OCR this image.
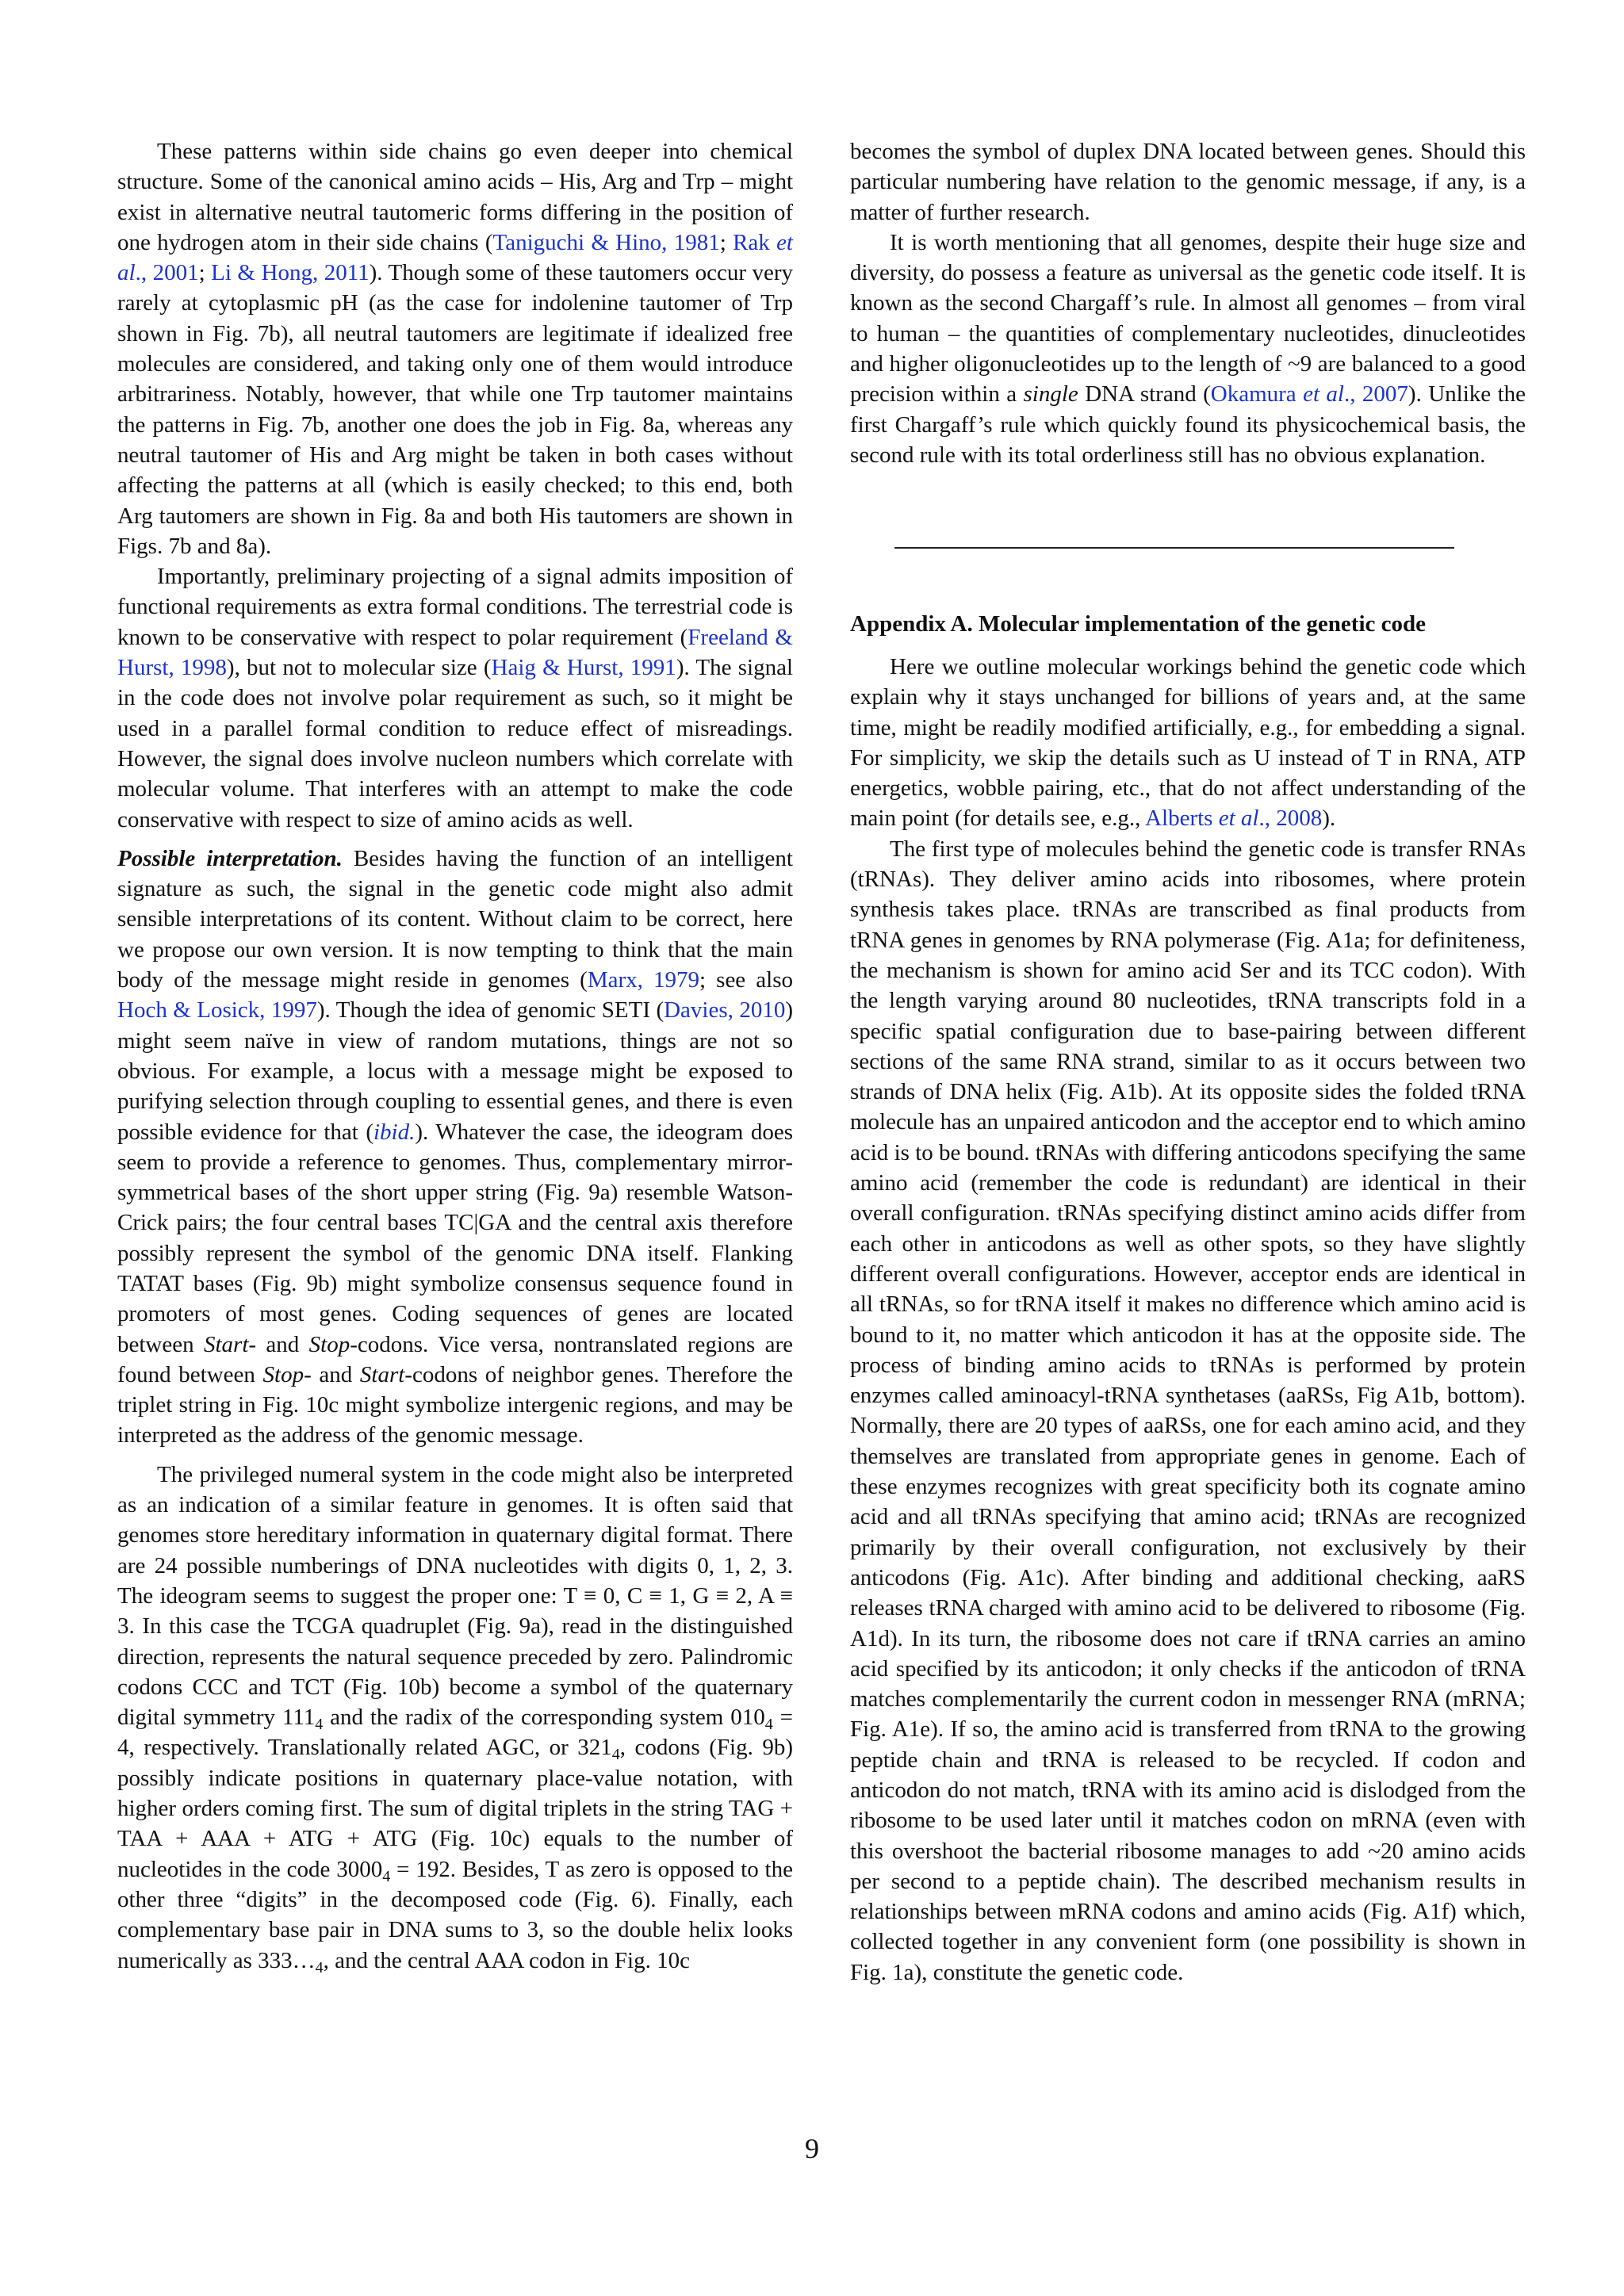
These patterns within side chains go even deeper into chemical structure. Some of the canonical amino acids – His, Arg and Trp – might exist in alternative neutral tautomeric forms differing in the position of one hydrogen atom in their side chains (Taniguchi & Hino, 1981; Rak et al., 2001; Li & Hong, 2011). Though some of these tautomers occur very rarely at cytoplasmic pH (as the case for indolenine tautomer of Trp shown in Fig. 7b), all neutral tautomers are legitimate if idealized free molecules are considered, and taking only one of them would introduce arbitrariness. Notably, however, that while one Trp tautomer maintains the patterns in Fig. 7b, another one does the job in Fig. 8a, whereas any neutral tautomer of His and Arg might be taken in both cases without affecting the patterns at all (which is easily checked; to this end, both Arg tautomers are shown in Fig. 8a and both His tautomers are shown in Figs. 7b and 8a).

Importantly, preliminary projecting of a signal admits imposition of functional requirements as extra formal conditions. The terrestrial code is known to be conservative with respect to polar requirement (Freeland & Hurst, 1998), but not to molecular size (Haig & Hurst, 1991). The signal in the code does not involve polar requirement as such, so it might be used in a parallel formal condition to reduce effect of misreadings. However, the signal does involve nucleon numbers which correlate with molecular volume. That interferes with an attempt to make the code conservative with respect to size of amino acids as well.

Possible interpretation. Besides having the function of an intelligent signature as such, the signal in the genetic code might also admit sensible interpretations of its content. Without claim to be correct, here we propose our own version. It is now tempting to think that the main body of the message might reside in genomes (Marx, 1979; see also Hoch & Losick, 1997). Though the idea of genomic SETI (Davies, 2010) might seem naïve in view of random mutations, things are not so obvious. For example, a locus with a message might be exposed to purifying selection through coupling to essential genes, and there is even possible evidence for that (ibid.). Whatever the case, the ideogram does seem to provide a reference to genomes. Thus, complementary mirror-symmetrical bases of the short upper string (Fig. 9a) resemble Watson-Crick pairs; the four central bases TC|GA and the central axis therefore possibly represent the symbol of the genomic DNA itself. Flanking TATAT bases (Fig. 9b) might symbolize consensus sequence found in promoters of most genes. Coding sequences of genes are located between Start- and Stop-codons. Vice versa, nontranslated regions are found between Stop- and Start-codons of neighbor genes. Therefore the triplet string in Fig. 10c might symbolize intergenic regions, and may be interpreted as the address of the genomic message.

The privileged numeral system in the code might also be interpreted as an indication of a similar feature in genomes. It is often said that genomes store hereditary information in quaternary digital format. There are 24 possible numberings of DNA nucleotides with digits 0, 1, 2, 3. The ideogram seems to suggest the proper one: T ≡ 0, C ≡ 1, G ≡ 2, A ≡ 3. In this case the TCGA quadruplet (Fig. 9a), read in the distinguished direction, represents the natural sequence preceded by zero. Palindromic codons CCC and TCT (Fig. 10b) become a symbol of the quaternary digital symmetry $111_4$ and the radix of the corresponding system $010_4 = 4$, respectively. Translationally related AGC, or $321_4$, codons (Fig. 9b) possibly indicate positions in quaternary place-value notation, with higher orders coming first. The sum of digital triplets in the string TAG + TAA + AAA + ATG + ATG (Fig. 10c) equals to the number of nucleotides in the code $3000_4 = 192$. Besides, T as zero is opposed to the other three “digits” in the decomposed code (Fig. 6). Finally, each complementary base pair in DNA sums to 3, so the double helix looks numerically as $333\dots_4$, and the central AAA codon in Fig. 10c

becomes the symbol of duplex DNA located between genes. Should this particular numbering have relation to the genomic message, if any, is a matter of further research.

It is worth mentioning that all genomes, despite their huge size and diversity, do possess a feature as universal as the genetic code itself. It is known as the second Chargaff’s rule. In almost all genomes – from viral to human – the quantities of complementary nucleotides, dinucleotides and higher oligonucleotides up to the length of ~9 are balanced to a good precision within a single DNA strand (Okamura et al., 2007). Unlike the first Chargaff’s rule which quickly found its physicochemical basis, the second rule with its total orderliness still has no obvious explanation.

Appendix A. Molecular implementation of the genetic code

Here we outline molecular workings behind the genetic code which explain why it stays unchanged for billions of years and, at the same time, might be readily modified artificially, e.g., for embedding a signal. For simplicity, we skip the details such as U instead of T in RNA, ATP energetics, wobble pairing, etc., that do not affect understanding of the main point (for details see, e.g., Alberts et al., 2008).

The first type of molecules behind the genetic code is transfer RNAs (tRNAs). They deliver amino acids into ribosomes, where protein synthesis takes place. tRNAs are transcribed as final products from tRNA genes in genomes by RNA polymerase (Fig. A1a; for definiteness, the mechanism is shown for amino acid Ser and its TCC codon). With the length varying around 80 nucleotides, tRNA transcripts fold in a specific spatial configuration due to base-pairing between different sections of the same RNA strand, similar to as it occurs between two strands of DNA helix (Fig. A1b). At its opposite sides the folded tRNA molecule has an unpaired anticodon and the acceptor end to which amino acid is to be bound. tRNAs with differing anticodons specifying the same amino acid (remember the code is redundant) are identical in their overall configuration. tRNAs specifying distinct amino acids differ from each other in anticodons as well as other spots, so they have slightly different overall configurations. However, acceptor ends are identical in all tRNAs, so for tRNA itself it makes no difference which amino acid is bound to it, no matter which anticodon it has at the opposite side. The process of binding amino acids to tRNAs is performed by protein enzymes called aminoacyl-tRNA synthetases (aaRSs, Fig A1b, bottom). Normally, there are 20 types of aaRSs, one for each amino acid, and they themselves are translated from appropriate genes in genome. Each of these enzymes recognizes with great specificity both its cognate amino acid and all tRNAs specifying that amino acid; tRNAs are recognized primarily by their overall configuration, not exclusively by their anticodons (Fig. A1c). After binding and additional checking, aaRS releases tRNA charged with amino acid to be delivered to ribosome (Fig. A1d). In its turn, the ribosome does not care if tRNA carries an amino acid specified by its anticodon; it only checks if the anticodon of tRNA matches complementarily the current codon in messenger RNA (mRNA; Fig. A1e). If so, the amino acid is transferred from tRNA to the growing peptide chain and tRNA is released to be recycled. If codon and anticodon do not match, tRNA with its amino acid is dislodged from the ribosome to be used later until it matches codon on mRNA (even with this overshoot the bacterial ribosome manages to add ~20 amino acids per second to a peptide chain). The described mechanism results in relationships between mRNA codons and amino acids (Fig. A1f) which, collected together in any convenient form (one possibility is shown in Fig. 1a), constitute the genetic code.

9
